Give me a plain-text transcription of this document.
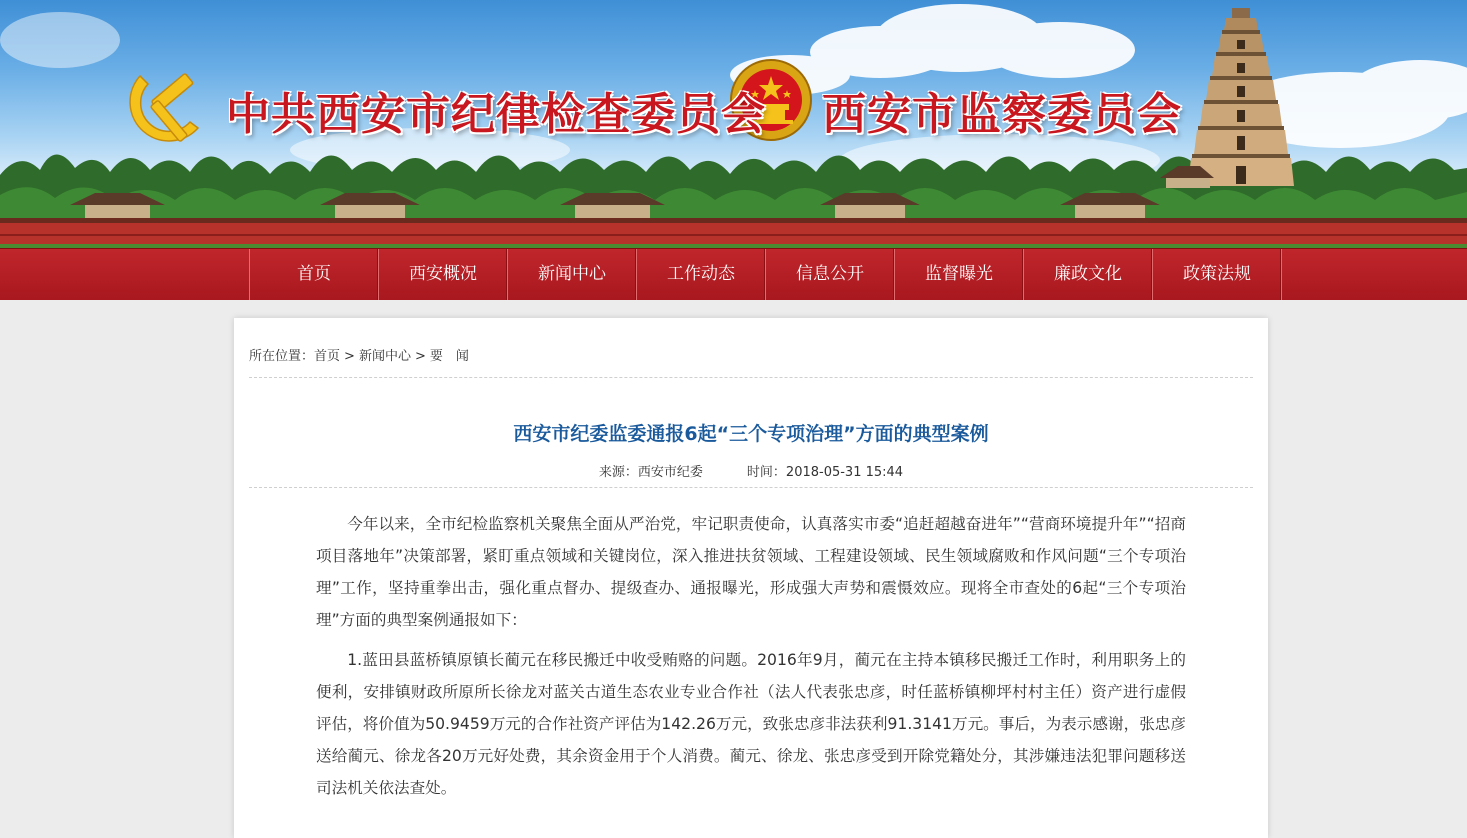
中共西安市纪律检查委员会 西安市监察委员会
首页	西安概况	新闻中心	工作动态	信息公开	监督曝光	廉政文化	政策法规
所在位置：首页 > 新闻中心 > 要　闻
西安市纪委监委通报6起“三个专项治理”方面的典型案例
来源：西安市纪委	时间：2018-05-31 15:44

今年以来，全市纪检监察机关聚焦全面从严治党，牢记职责使命，认真落实市委“追赶超越奋进年”“营商环境提升年”“招商项目落地年”决策部署，紧盯重点领域和关键岗位，深入推进扶贫领域、工程建设领域、民生领域腐败和作风问题“三个专项治理”工作，坚持重拳出击，强化重点督办、提级查办、通报曝光，形成强大声势和震慑效应。现将全市查处的6起“三个专项治理”方面的典型案例通报如下：

1.蓝田县蓝桥镇原镇长蔺元在移民搬迁中收受贿赂的问题。2016年9月，蔺元在主持本镇移民搬迁工作时，利用职务上的便利，安排镇财政所原所长徐龙对蓝关古道生态农业专业合作社（法人代表张忠彦，时任蓝桥镇柳坪村村主任）资产进行虚假评估，将价值为50.9459万元的合作社资产评估为142.26万元，致张忠彦非法获利91.3141万元。事后，为表示感谢，张忠彦送给蔺元、徐龙各20万元好处费，其余资金用于个人消费。蔺元、徐龙、张忠彦受到开除党籍处分，其涉嫌违法犯罪问题移送司法机关依法查处。
